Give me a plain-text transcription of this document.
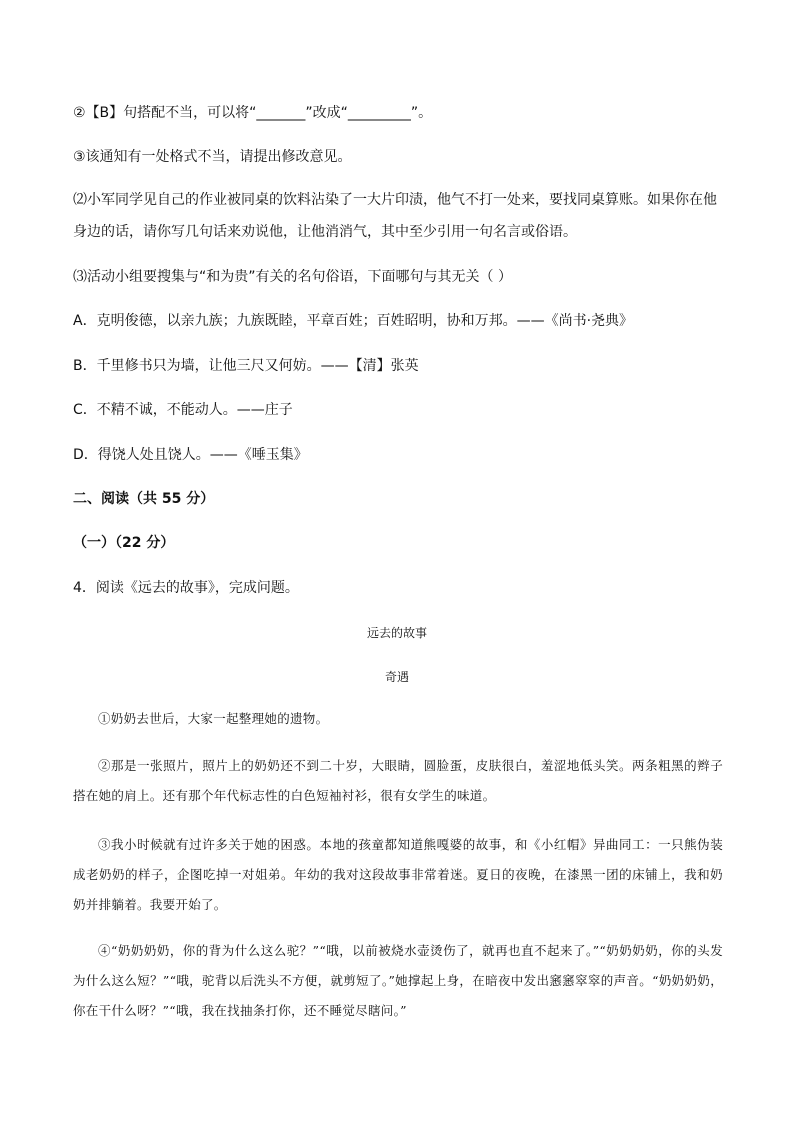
②【B】句搭配不当，可以将“_______”改成“_________”。
③该通知有一处格式不当，请提出修改意见。
⑵小军同学见自己的作业被同桌的饮料沾染了一大片印渍，他气不打一处来，要找同桌算账。如果你在他身边的话，请你写几句话来劝说他，让他消消气，其中至少引用一句名言或俗语。
⑶活动小组要搜集与“和为贵”有关的名句俗语，下面哪句与其无关（ ）
A．克明俊德，以亲九族；九族既睦，平章百姓；百姓昭明，协和万邦。——《尚书·尧典》
B．千里修书只为墙，让他三尺又何妨。——【清】张英
C．不精不诚，不能动人。——庄子
D．得饶人处且饶人。——《唾玉集》
二、阅读（共 55 分）
（一）（22 分）
4．阅读《远去的故事》，完成问题。
远去的故事
奇遇
①奶奶去世后，大家一起整理她的遗物。
②那是一张照片，照片上的奶奶还不到二十岁，大眼睛，圆脸蛋，皮肤很白，羞涩地低头笑。两条粗黑的辫子搭在她的肩上。还有那个年代标志性的白色短袖衬衫，很有女学生的味道。
③我小时候就有过许多关于她的困惑。本地的孩童都知道熊嘎婆的故事，和《小红帽》异曲同工：一只熊伪装成老奶奶的样子，企图吃掉一对姐弟。年幼的我对这段故事非常着迷。夏日的夜晚，在漆黑一团的床铺上，我和奶奶并排躺着。我要开始了。
④“奶奶奶奶，你的背为什么这么驼？”“哦，以前被烧水壶烫伤了，就再也直不起来了。”“奶奶奶奶，你的头发为什么这么短？”“哦，驼背以后洗头不方便，就剪短了。”她撑起上身，在暗夜中发出窸窸窣窣的声音。“奶奶奶奶，你在干什么呀？”“哦，我在找抽条打你，还不睡觉尽瞎问。”
